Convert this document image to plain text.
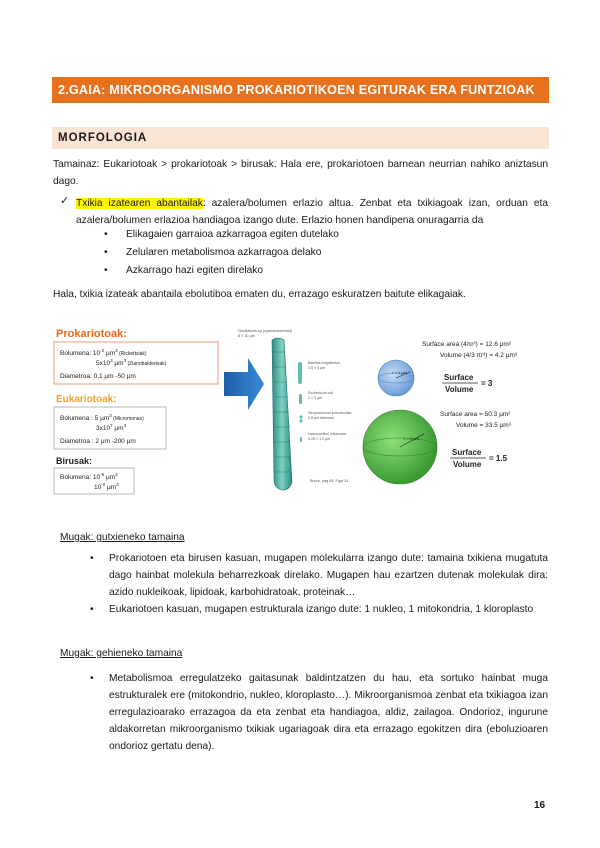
2.GAIA: MIKROORGANISMO PROKARIOTIKOEN EGITURAK ERA FUNTZIOAK
MORFOLOGIA
Tamainaz: Eukariotoak > prokariotoak > birusak. Hala ere, prokariotoen barnean neurrian nahiko aniztasun dago.
✓ Txikia izatearen abantailak: azalera/bolumen erlazio altua. Zenbat eta txikiagoak izan, orduan eta azalera/bolumen erlazioa handiagoa izango dute. Erlazio honen handipena onuragarria da
• Elikagaien garraioa azkarragoa egiten dutelako
• Zelularen metabolismoa azkarragoa delako
• Azkarrago hazi egiten direlako
Hala, txikia izateak abantaila ebolutiboa ematen du, errazago eskuratzen baitute elikagaiak.
Prokariotoak:
Bolumena: $10^{-2}$ $\mu m^3$ $_{(Rickettsiak)}$
$5x10^3$ $\mu m^3$ $_{(Zianobakterioak)}$
Diametroa: 0,1 μm -50 μm
Eukariotoak:
Bolumena : 5 $\mu m^3$ $_{(Micromonas)}$
$3x10^7$ $\mu m^3$
Diametroa : 2 μm -200 μm
Birusak:
Bolumena: $10^{-6}$ $\mu m^3$
$10^{-2}$ $\mu m^3$
Oscillatoria sp (cyanobacterium)
8 × 30 μm
Bacillus megaterium
1.5 × 4 μm
Escherichia coli
1 × 3 μm
Streptococcus pneumoniae
0.8 μm diameter
Haemophilus influenzae
0.25 × 1.2 μm
Brock, pag 65, Figd 13
Surface area (4πr²) = 12.6 μm²
Volume (4/3 πr³) = 4.2 μm³
r = 1 μm
Surface
Volume
= 3
Surface area = 50.3 μm²
Volume = 33.5 μm³
r = 2 μm
Surface
Volume
= 1.5
Mugak: gutxieneko tamaina
• Prokariotoen eta birusen kasuan, mugapen molekularra izango dute: tamaina txikiena mugatuta dago hainbat molekula beharrezkoak direlako. Mugapen hau ezartzen dutenak molekulak dira: azido nukleikoak, lipidoak, karbohidratoak, proteinak…
• Eukariotoen kasuan, mugapen estrukturala izango dute: 1 nukleo, 1 mitokondria, 1 kloroplasto
Mugak: gehieneko tamaina
• Metabolismoa erregulatzeko gaitasunak baldintzatzen du hau, eta sortuko hainbat muga estrukturalek ere (mitokondrio, nukleo, kloroplasto…). Mikroorganismoa zenbat eta txikiagoa izan erregulazioarako errazagoa da eta zenbat eta handiagoa, aldiz, zailagoa. Ondorioz, ingurune aldakorretan mikroorganismo txikiak ugariagoak dira eta errazago egokitzen dira (eboluzioaren ondorioz gertatu dena).
16
